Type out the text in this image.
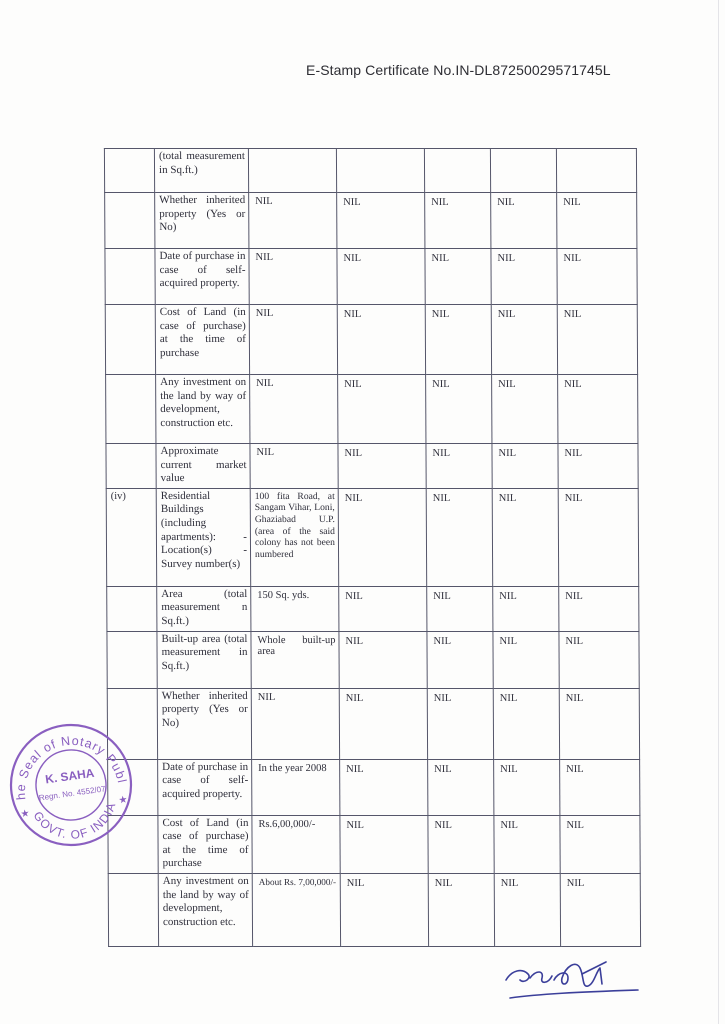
E-Stamp Certificate No.IN-DL87250029571745L
	(total measurement in Sq.ft.)					
	Whether inherited property (Yes or No)	NIL	NIL	NIL	NIL	NIL
	Date of purchase in case of self-acquired property.	NIL	NIL	NIL	NIL	NIL
	Cost of Land (in case of purchase) at the time of purchase	NIL	NIL	NIL	NIL	NIL
	Any investment on the land by way of development, construction etc.	NIL	NIL	NIL	NIL	NIL
	Approximate current market value	NIL	NIL	NIL	NIL	NIL
(iv)	Residential Buildings (including apartments): -Location(s) -Survey number(s)	100 fita Road, at Sangam Vihar, Loni, Ghaziabad U.P. (area of the said colony has not been numbered	NIL	NIL	NIL	NIL
	Area (total measurement n Sq.ft.)	150 Sq. yds.	NIL	NIL	NIL	NIL
	Built-up area (total measurement in Sq.ft.)	Whole built-up area	NIL	NIL	NIL	NIL
	Whether inherited property (Yes or No)	NIL	NIL	NIL	NIL	NIL
	Date of purchase in case of self-acquired property.	In the year 2008	NIL	NIL	NIL	NIL
	Cost of Land (in case of purchase) at the time of purchase	Rs.6,00,000/-	NIL	NIL	NIL	NIL
	Any investment on the land by way of development, construction etc.	About Rs. 7,00,000/-	NIL	NIL	NIL	NIL
The Seal of Notary Public
GOVT. OF INDIA
K. SAHA
Regn. No. 4552/07
★
★
